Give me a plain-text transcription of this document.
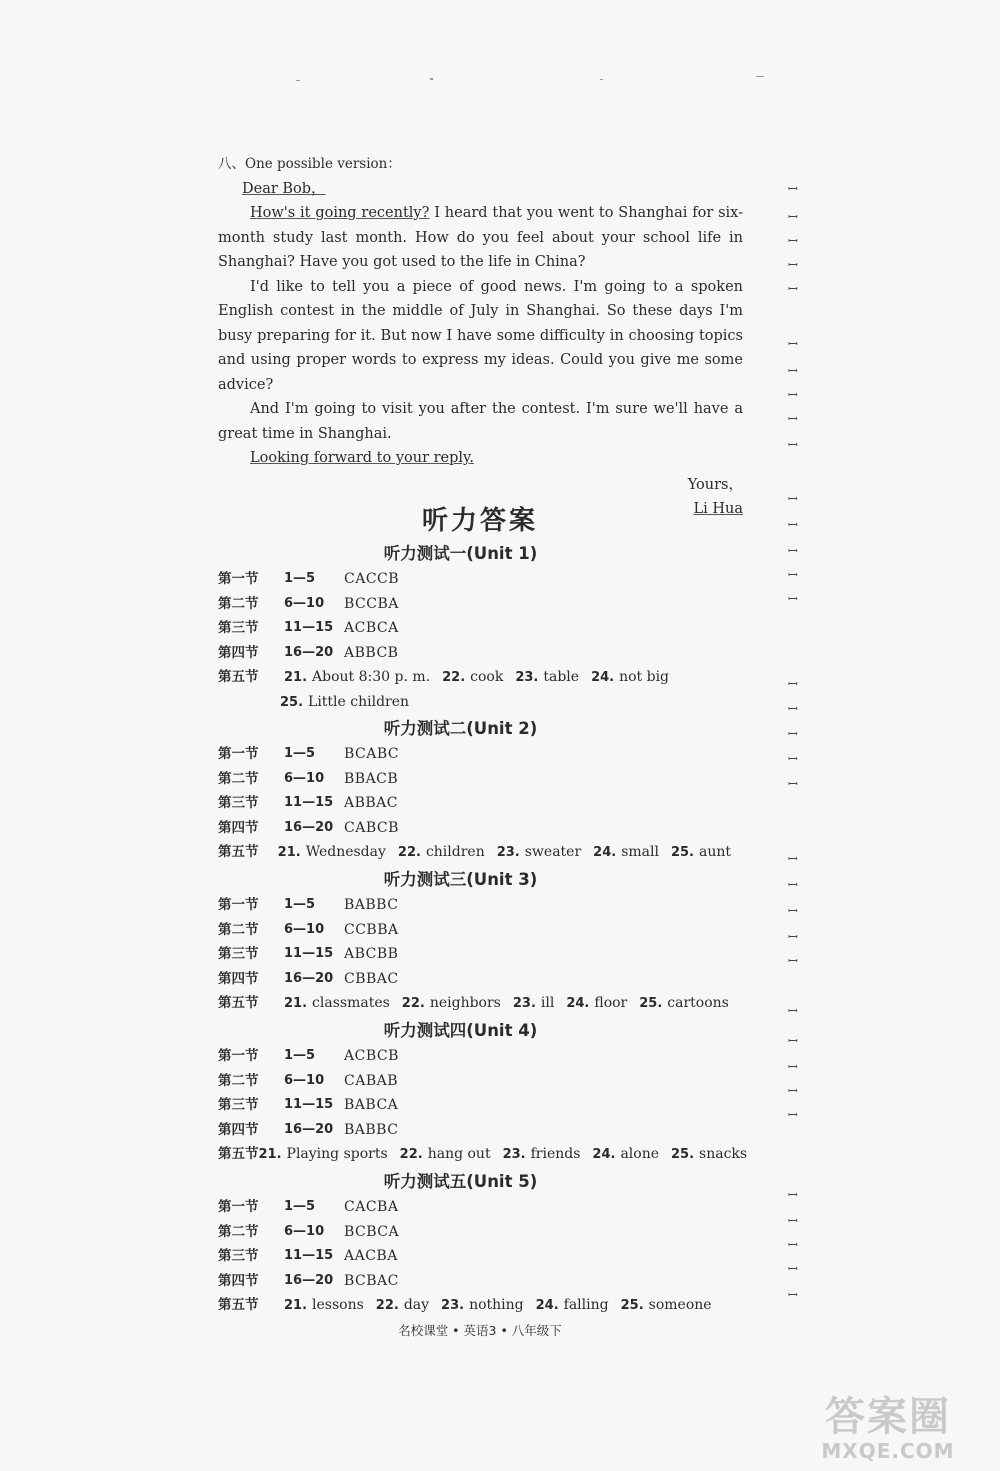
八、One possible version：

Dear Bob，

How's it going recently? I heard that you went to Shanghai for six-month study last month. How do you feel about your school life in Shanghai? Have you got used to the life in China?

I'd like to tell you a piece of good news. I'm going to a spoken English contest in the middle of July in Shanghai. So these days I'm busy preparing for it. But now I have some difficulty in choosing topics and using proper words to express my ideas. Could you give me some advice?

And I'm going to visit you after the contest. I'm sure we'll have a great time in Shanghai.

Looking forward to your reply.

Yours，
Li Hua
听力答案
听力测试一(Unit 1)
第一节	1—5	CACCB
第二节	6—10	BCCBA
第三节	11—15 ACBCA
第四节	16—20 ABBCB
第五节	21. About 8:30 p. m. 22. cook 23. table 24. not big
25. Little children
听力测试二(Unit 2)
第一节	1—5	BCABC
第二节	6—10	BBACB
第三节	11—15 ABBAC
第四节	16—20 CABCB
第五节	21. Wednesday 22. children 23. sweater 24. small 25. aunt
听力测试三(Unit 3)
第一节	1—5	BABBC
第二节	6—10	CCBBA
第三节	11—15 ABCBB
第四节	16—20 CBBAC
第五节	21. classmates 22. neighbors 23. ill 24. floor 25. cartoons
听力测试四(Unit 4)
第一节	1—5	ACBCB
第二节	6—10	CABAB
第三节	11—15 BABCA
第四节	16—20 BABBC
第五节 21. Playing sports 22. hang out 23. friends 24. alone 25. snacks
听力测试五(Unit 5)
第一节	1—5	CACBA
第二节	6—10	BCBCA
第三节	11—15 AACBA
第四节	16—20 BCBAC
第五节	21. lessons 22. day 23. nothing 24. falling 25. someone
名校课堂 • 英语3 • 八年级下
ꟷ
ꟷ
ꟷ
ꟷ
ꟷ
ꟷ
ꟷ
ꟷ
ꟷ
ꟷ
ꟷ
ꟷ
ꟷ
ꟷ
ꟷ
ꟷ
ꟷ
ꟷ
ꟷ
ꟷ
ꟷ
ꟷ
ꟷ
ꟷ
ꟷ
ꟷ
ꟷ
ꟷ
ꟷ
ꟷ
ꟷ
ꟷ
ꟷ
ꟷ
ꟷ
答案圈
MXQE.COM
